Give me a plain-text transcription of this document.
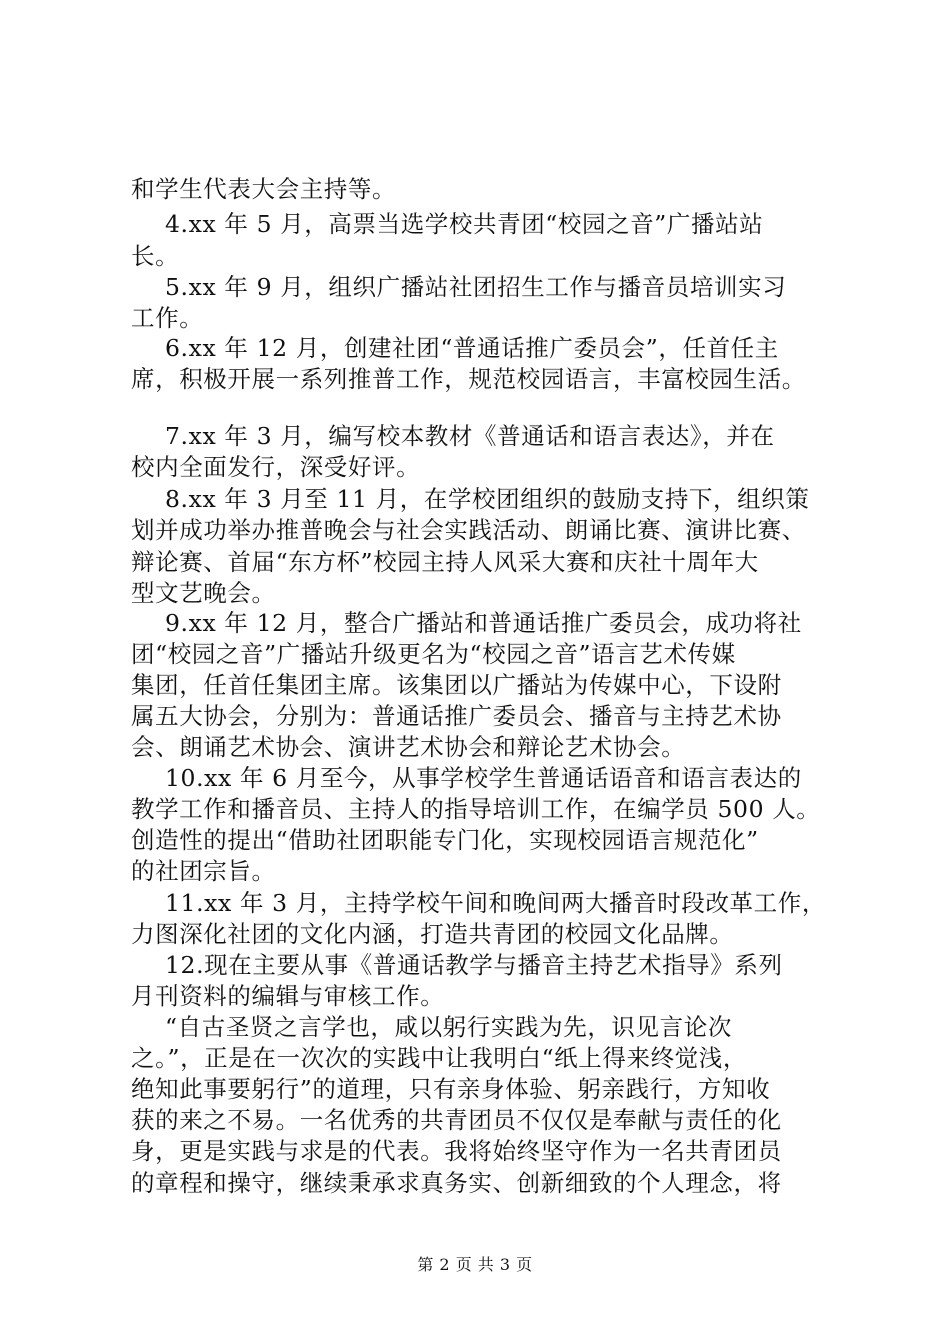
和学生代表大会主持等。
4.xx 年 5 月，高票当选学校共青团“校园之音”广播站站
长。
5.xx 年 9 月，组织广播站社团招生工作与播音员培训实习
工作。
6.xx 年 12 月，创建社团“普通话推广委员会”，任首任主
席，积极开展一系列推普工作，规范校园语言，丰富校园生活。
7.xx 年 3 月，编写校本教材《普通话和语言表达》，并在
校内全面发行，深受好评。
8.xx 年 3 月至 11 月，在学校团组织的鼓励支持下，组织策
划并成功举办推普晚会与社会实践活动、朗诵比赛、演讲比赛、
辩论赛、首届“东方杯”校园主持人风采大赛和庆社十周年大
型文艺晚会。
9.xx 年 12 月，整合广播站和普通话推广委员会，成功将社
团“校园之音”广播站升级更名为“校园之音”语言艺术传媒
集团，任首任集团主席。该集团以广播站为传媒中心，下设附
属五大协会，分别为：普通话推广委员会、播音与主持艺术协
会、朗诵艺术协会、演讲艺术协会和辩论艺术协会。
10.xx 年 6 月至今，从事学校学生普通话语音和语言表达的
教学工作和播音员、主持人的指导培训工作，在编学员 500 人。
创造性的提出“借助社团职能专门化，实现校园语言规范化”
的社团宗旨。
11.xx 年 3 月，主持学校午间和晚间两大播音时段改革工作，
力图深化社团的文化内涵，打造共青团的校园文化品牌。
12.现在主要从事《普通话教学与播音主持艺术指导》系列
月刊资料的编辑与审核工作。
“自古圣贤之言学也，咸以躬行实践为先，识见言论次
之。”，正是在一次次的实践中让我明白“纸上得来终觉浅，
绝知此事要躬行”的道理，只有亲身体验、躬亲践行，方知收
获的来之不易。一名优秀的共青团员不仅仅是奉献与责任的化
身，更是实践与求是的代表。我将始终坚守作为一名共青团员
的章程和操守，继续秉承求真务实、创新细致的个人理念，将
第 2 页 共 3 页
